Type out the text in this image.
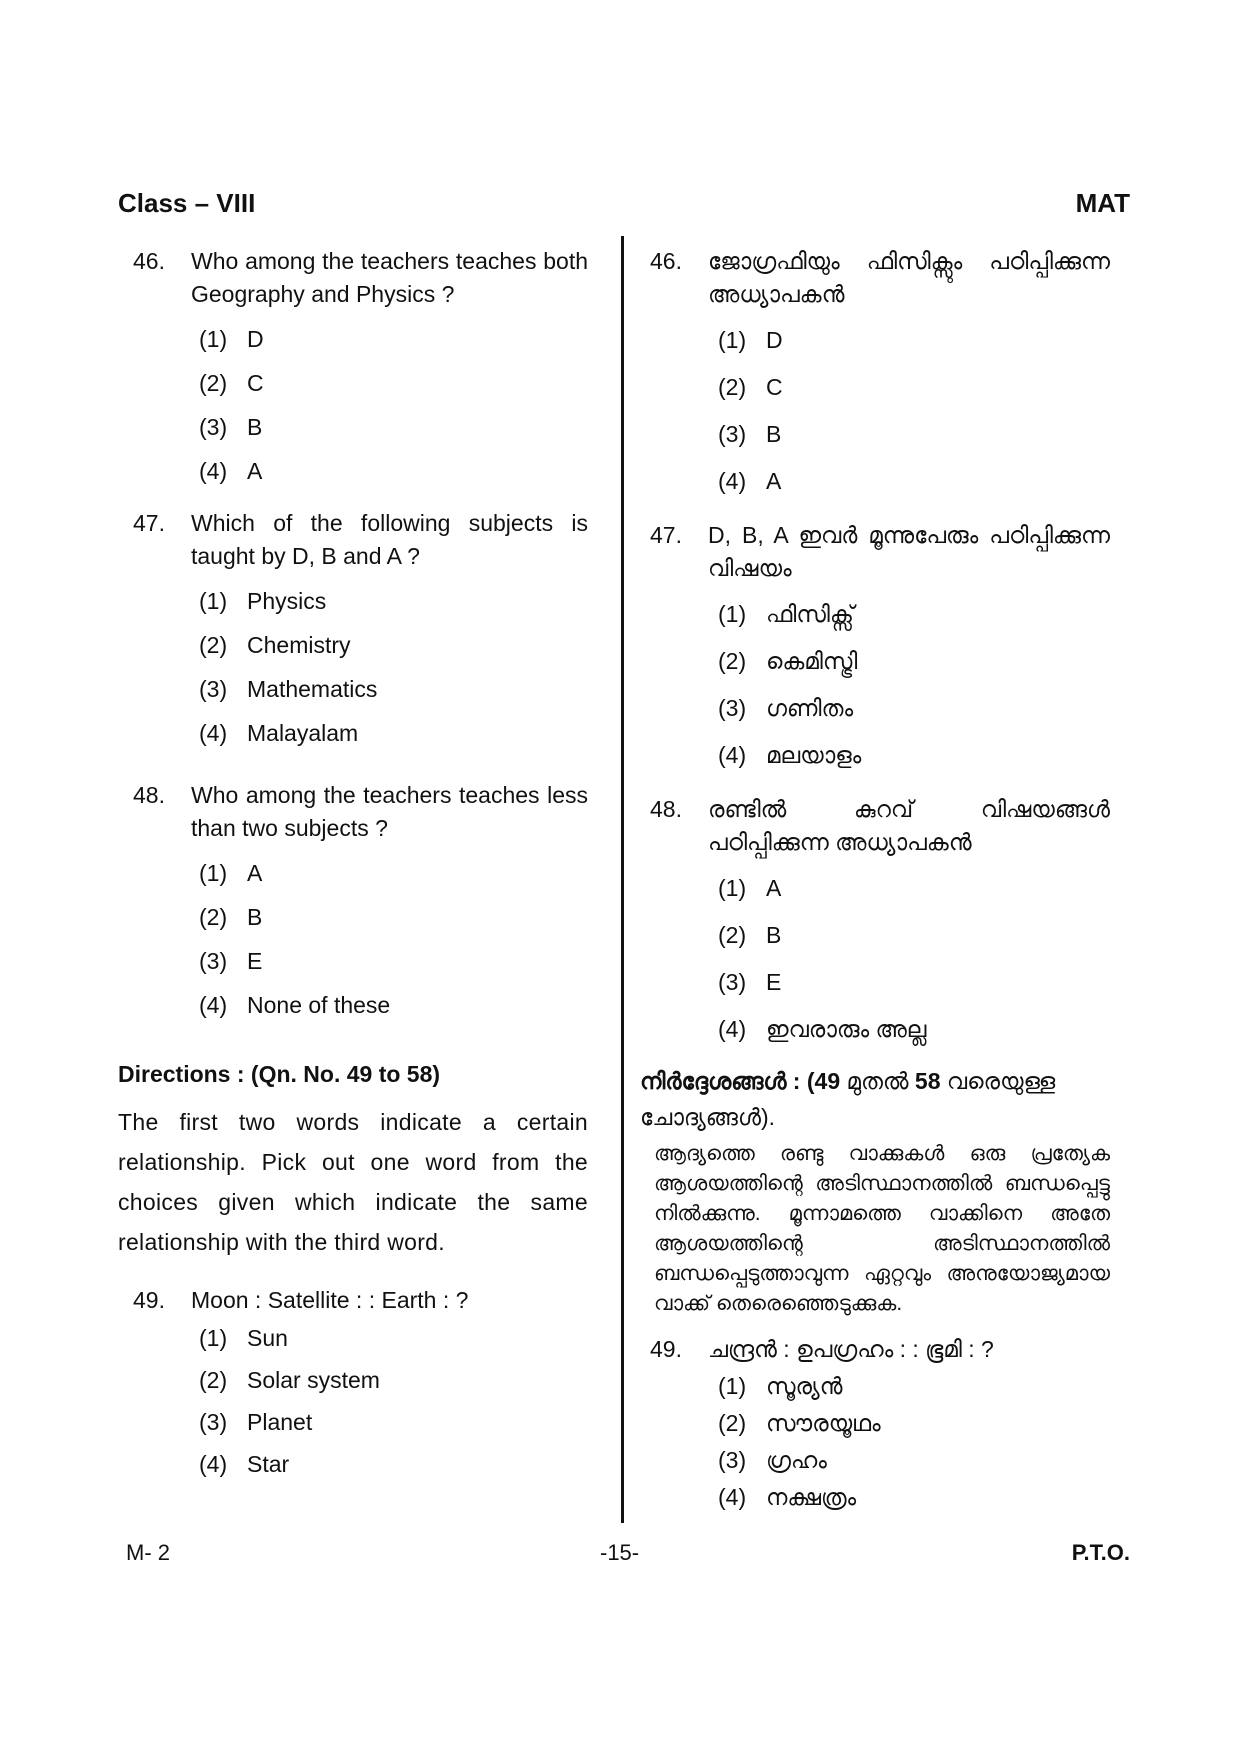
Class – VIII	MAT
46.	Who among the teachers teaches both Geography and Physics ?
(1) D
(2) C
(3) B
(4) A
47.	Which of the following subjects is taught by D, B and A ?
(1) Physics
(2) Chemistry
(3) Mathematics
(4) Malayalam
48.	Who among the teachers teaches less than two subjects ?
(1) A
(2) B
(3) E
(4) None of these
Directions : (Qn. No. 49 to 58)
The first two words indicate a certain relationship. Pick out one word from the choices given which indicate the same relationship with the third word.
49.	Moon : Satellite : : Earth : ?
(1) Sun
(2) Solar system
(3) Planet
(4) Star
46.	ജോഗ്രഫിയും ഫിസിക്സും പഠിപ്പിക്കുന്ന അധ്യാപകൻ
(1) D
(2) C
(3) B
(4) A
47.	D, B, A ഇവർ മൂന്നുപേരും പഠിപ്പിക്കുന്ന വിഷയം
(1) ഫിസിക്സ്
(2) കെമിസ്ട്രി
(3) ഗണിതം
(4) മലയാളം
48.	രണ്ടിൽ കുറവ് വിഷയങ്ങൾ പഠിപ്പിക്കുന്ന അധ്യാപകൻ
(1) A
(2) B
(3) E
(4) ഇവരാരും അല്ല
നിർദ്ദേശങ്ങൾ : (49 മുതൽ 58 വരെയുള്ള ചോദ്യങ്ങൾ).
ആദ്യത്തെ രണ്ടു വാക്കുകൾ ഒരു പ്രത്യേക ആശയത്തിന്റെ അടിസ്ഥാനത്തിൽ ബന്ധപ്പെട്ടു നിൽക്കുന്നു. മൂന്നാമത്തെ വാക്കിനെ അതേ ആശയത്തിന്റെ അടിസ്ഥാനത്തിൽ ബന്ധപ്പെടുത്താവുന്ന ഏറ്റവും അനുയോജ്യമായ വാക്ക് തെരെഞ്ഞെടുക്കുക.
49.	ചന്ദ്രൻ : ഉപഗ്രഹം : : ഭൂമി : ?
(1) സൂര്യൻ
(2) സൗരയൂഥം
(3) ഗ്രഹം
(4) നക്ഷത്രം
M- 2	-15-	P.T.O.
